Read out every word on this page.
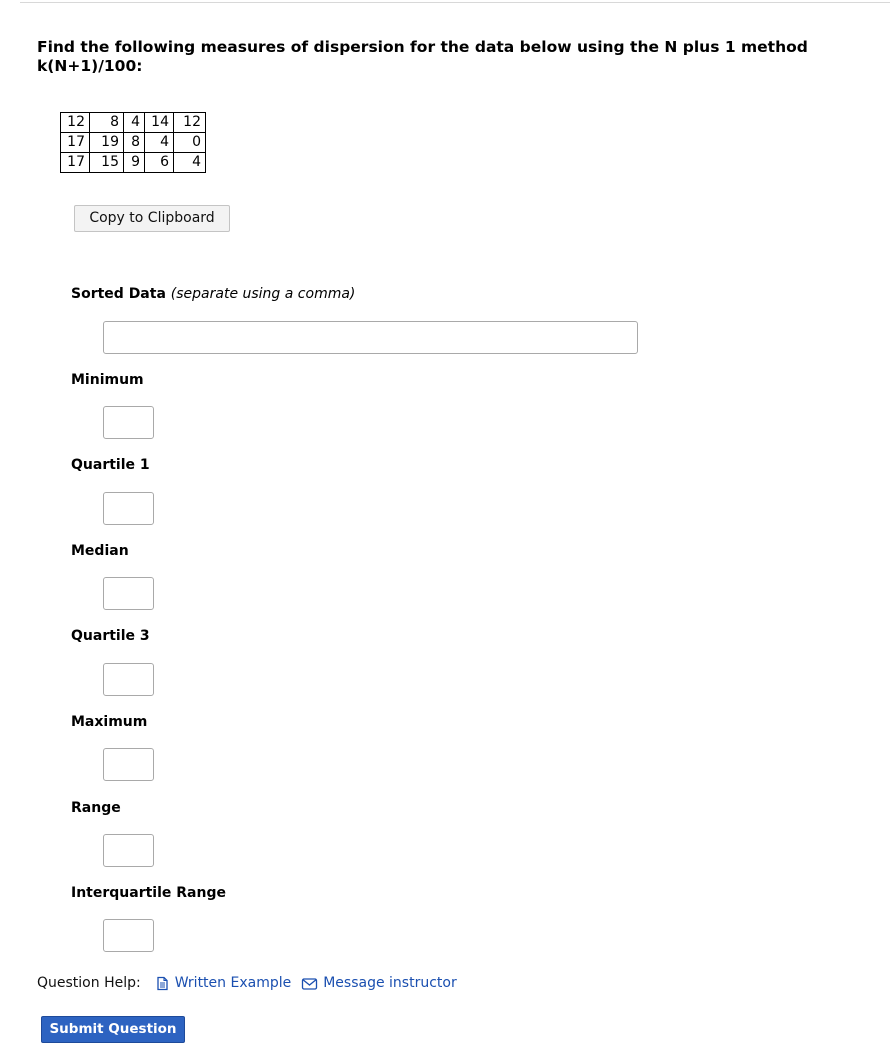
Find the following measures of dispersion for the data below using the N plus 1 method
k(N+1)/100:
12	8	4	14	12
17	19	8	4	0
17	15	9	6	4
Copy to Clipboard
Sorted Data (separate using a comma)
Minimum
Quartile 1
Median
Quartile 3
Maximum
Range
Interquartile Range
Question Help: Written Example Message instructor
Submit Question
